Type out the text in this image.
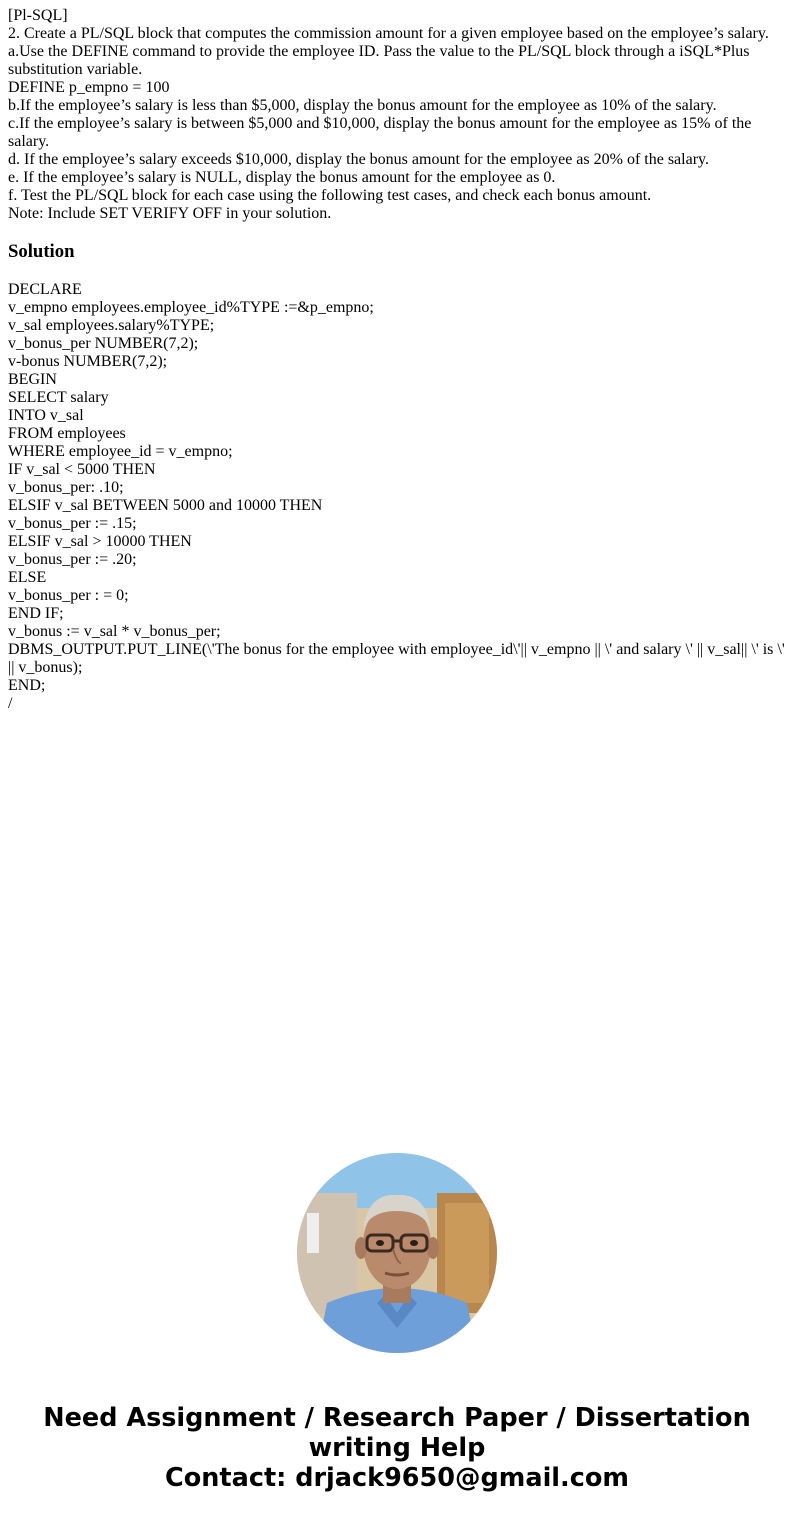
[Pl-SQL]
2. Create a PL/SQL block that computes the commission amount for a given employee based on the employee’s salary.
a.Use the DEFINE command to provide the employee ID. Pass the value to the PL/SQL block through a iSQL*Plus substitution variable.
DEFINE p_empno = 100
b.If the employee’s salary is less than $5,000, display the bonus amount for the employee as 10% of the salary.
c.If the employee’s salary is between $5,000 and $10,000, display the bonus amount for the employee as 15% of the salary.
d. If the employee’s salary exceeds $10,000, display the bonus amount for the employee as 20% of the salary.
e. If the employee’s salary is NULL, display the bonus amount for the employee as 0.
f. Test the PL/SQL block for each case using the following test cases, and check each bonus amount.
Note: Include SET VERIFY OFF in your solution.
Solution
DECLARE
v_empno employees.employee_id%TYPE :=&p_empno;
v_sal employees.salary%TYPE;
v_bonus_per NUMBER(7,2);
v-bonus NUMBER(7,2);
BEGIN
SELECT salary
INTO v_sal
FROM employees
WHERE employee_id = v_empno;
IF v_sal < 5000 THEN
v_bonus_per: .10;
ELSIF v_sal BETWEEN 5000 and 10000 THEN
v_bonus_per := .15;
ELSIF v_sal > 10000 THEN
v_bonus_per := .20;
ELSE
v_bonus_per : = 0;
END IF;
v_bonus := v_sal * v_bonus_per;
DBMS_OUTPUT.PUT_LINE(\'The bonus for the employee with employee_id\'|| v_empno || \' and salary \' || v_sal|| \' is \' || v_bonus);
END;
/
Need Assignment / Research Paper / Dissertation
writing Help
Contact: drjack9650@gmail.com
